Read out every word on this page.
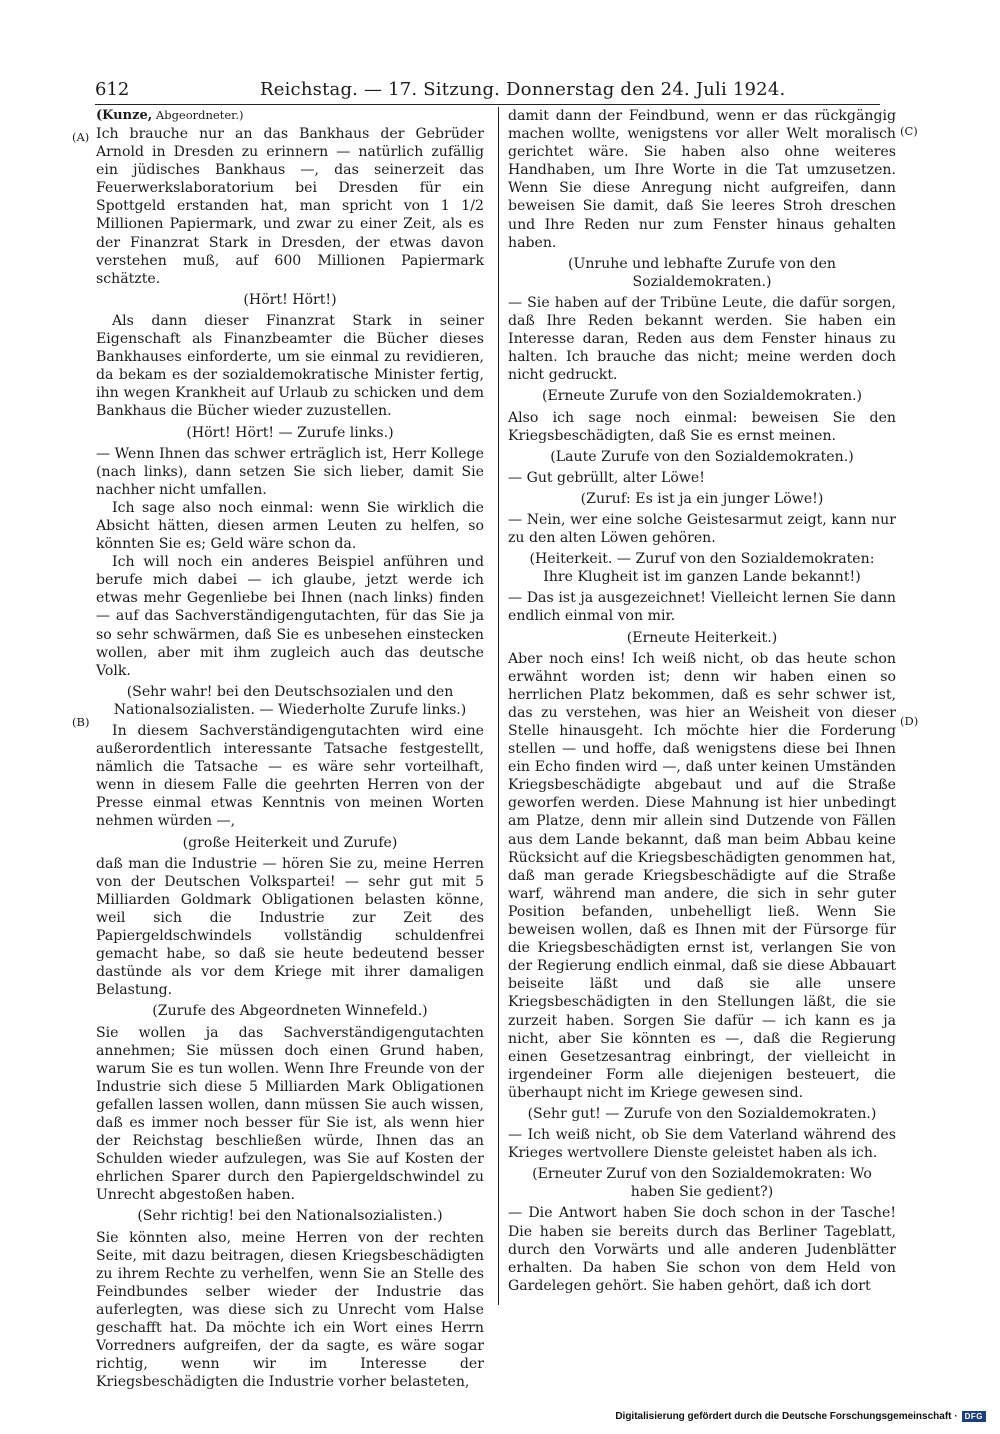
612	Reichstag. — 17. Sitzung. Donnerstag den 24. Juli 1924.
(A)
(B)
(C)
(D)
(Kunze, Abgeordneter.)

Ich brauche nur an das Bankhaus der Gebrüder Arnold in Dresden zu erinnern — natürlich zufällig ein jüdisches Bankhaus —, das seinerzeit das Feuerwerkslaboratorium bei Dresden für ein Spottgeld erstanden hat, man spricht von 1 1/2 Millionen Papiermark, und zwar zu einer Zeit, als es der Finanzrat Stark in Dresden, der etwas davon verstehen muß, auf 600 Millionen Papiermark schätzte.

(Hört! Hört!)

Als dann dieser Finanzrat Stark in seiner Eigenschaft als Finanzbeamter die Bücher dieses Bankhauses einforderte, um sie einmal zu revidieren, da bekam es der sozialdemokratische Minister fertig, ihn wegen Krankheit auf Urlaub zu schicken und dem Bankhaus die Bücher wieder zuzustellen.

(Hört! Hört! — Zurufe links.)

— Wenn Ihnen das schwer erträglich ist, Herr Kollege (nach links), dann setzen Sie sich lieber, damit Sie nachher nicht umfallen.

Ich sage also noch einmal: wenn Sie wirklich die Absicht hätten, diesen armen Leuten zu helfen, so könnten Sie es; Geld wäre schon da.

Ich will noch ein anderes Beispiel anführen und berufe mich dabei — ich glaube, jetzt werde ich etwas mehr Gegenliebe bei Ihnen (nach links) finden — auf das Sachverständigengutachten, für das Sie ja so sehr schwärmen, daß Sie es unbesehen einstecken wollen, aber mit ihm zugleich auch das deutsche Volk.

(Sehr wahr! bei den Deutschsozialen und den Nationalsozialisten. — Wiederholte Zurufe links.)

In diesem Sachverständigengutachten wird eine außerordentlich interessante Tatsache festgestellt, nämlich die Tatsache — es wäre sehr vorteilhaft, wenn in diesem Falle die geehrten Herren von der Presse einmal etwas Kenntnis von meinen Worten nehmen würden —,

(große Heiterkeit und Zurufe)

daß man die Industrie — hören Sie zu, meine Herren von der Deutschen Volkspartei! — sehr gut mit 5 Milliarden Goldmark Obligationen belasten könne, weil sich die Industrie zur Zeit des Papiergeldschwindels vollständig schuldenfrei gemacht habe, so daß sie heute bedeutend besser dastünde als vor dem Kriege mit ihrer damaligen Belastung.

(Zurufe des Abgeordneten Winnefeld.)

Sie wollen ja das Sachverständigengutachten annehmen; Sie müssen doch einen Grund haben, warum Sie es tun wollen. Wenn Ihre Freunde von der Industrie sich diese 5 Milliarden Mark Obligationen gefallen lassen wollen, dann müssen Sie auch wissen, daß es immer noch besser für Sie ist, als wenn hier der Reichstag beschließen würde, Ihnen das an Schulden wieder aufzulegen, was Sie auf Kosten der ehrlichen Sparer durch den Papiergeldschwindel zu Unrecht abgestoßen haben.

(Sehr richtig! bei den Nationalsozialisten.)

Sie könnten also, meine Herren von der rechten Seite, mit dazu beitragen, diesen Kriegsbeschädigten zu ihrem Rechte zu verhelfen, wenn Sie an Stelle des Feindbundes selber wieder der Industrie das auferlegten, was diese sich zu Unrecht vom Halse geschafft hat. Da möchte ich ein Wort eines Herrn Vorredners aufgreifen, der da sagte, es wäre sogar richtig, wenn wir im Interesse der Kriegsbeschädigten die Industrie vorher belasteten,

damit dann der Feindbund, wenn er das rückgängig machen wollte, wenigstens vor aller Welt moralisch gerichtet wäre. Sie haben also ohne weiteres Handhaben, um Ihre Worte in die Tat umzusetzen. Wenn Sie diese Anregung nicht aufgreifen, dann beweisen Sie damit, daß Sie leeres Stroh dreschen und Ihre Reden nur zum Fenster hinaus gehalten haben.

(Unruhe und lebhafte Zurufe von den Sozialdemokraten.)

— Sie haben auf der Tribüne Leute, die dafür sorgen, daß Ihre Reden bekannt werden. Sie haben ein Interesse daran, Reden aus dem Fenster hinaus zu halten. Ich brauche das nicht; meine werden doch nicht gedruckt.

(Erneute Zurufe von den Sozialdemokraten.)

Also ich sage noch einmal: beweisen Sie den Kriegsbeschädigten, daß Sie es ernst meinen.

(Laute Zurufe von den Sozialdemokraten.)

— Gut gebrüllt, alter Löwe!

(Zuruf: Es ist ja ein junger Löwe!)

— Nein, wer eine solche Geistesarmut zeigt, kann nur zu den alten Löwen gehören.

(Heiterkeit. — Zuruf von den Sozialdemokraten: Ihre Klugheit ist im ganzen Lande bekannt!)

— Das ist ja ausgezeichnet! Vielleicht lernen Sie dann endlich einmal von mir.

(Erneute Heiterkeit.)

Aber noch eins! Ich weiß nicht, ob das heute schon erwähnt worden ist; denn wir haben einen so herrlichen Platz bekommen, daß es sehr schwer ist, das zu verstehen, was hier an Weisheit von dieser Stelle hinausgeht. Ich möchte hier die Forderung stellen — und hoffe, daß wenigstens diese bei Ihnen ein Echo finden wird —, daß unter keinen Umständen Kriegsbeschädigte abgebaut und auf die Straße geworfen werden. Diese Mahnung ist hier unbedingt am Platze, denn mir allein sind Dutzende von Fällen aus dem Lande bekannt, daß man beim Abbau keine Rücksicht auf die Kriegsbeschädigten genommen hat, daß man gerade Kriegsbeschädigte auf die Straße warf, während man andere, die sich in sehr guter Position befanden, unbehelligt ließ. Wenn Sie beweisen wollen, daß es Ihnen mit der Fürsorge für die Kriegsbeschädigten ernst ist, verlangen Sie von der Regierung endlich einmal, daß sie diese Abbauart beiseite läßt und daß sie alle unsere Kriegsbeschädigten in den Stellungen läßt, die sie zurzeit haben. Sorgen Sie dafür — ich kann es ja nicht, aber Sie könnten es —, daß die Regierung einen Gesetzesantrag einbringt, der vielleicht in irgendeiner Form alle diejenigen besteuert, die überhaupt nicht im Kriege gewesen sind.

(Sehr gut! — Zurufe von den Sozialdemokraten.)

— Ich weiß nicht, ob Sie dem Vaterland während des Krieges wertvollere Dienste geleistet haben als ich.

(Erneuter Zuruf von den Sozialdemokraten: Wo haben Sie gedient?)

— Die Antwort haben Sie doch schon in der Tasche! Die haben sie bereits durch das Berliner Tageblatt, durch den Vorwärts und alle anderen Judenblätter erhalten. Da haben Sie schon von dem Held von Gardelegen gehört. Sie haben gehört, daß ich dort

Digitalisierung gefördert durch die Deutsche Forschungsgemeinschaft · DFG
